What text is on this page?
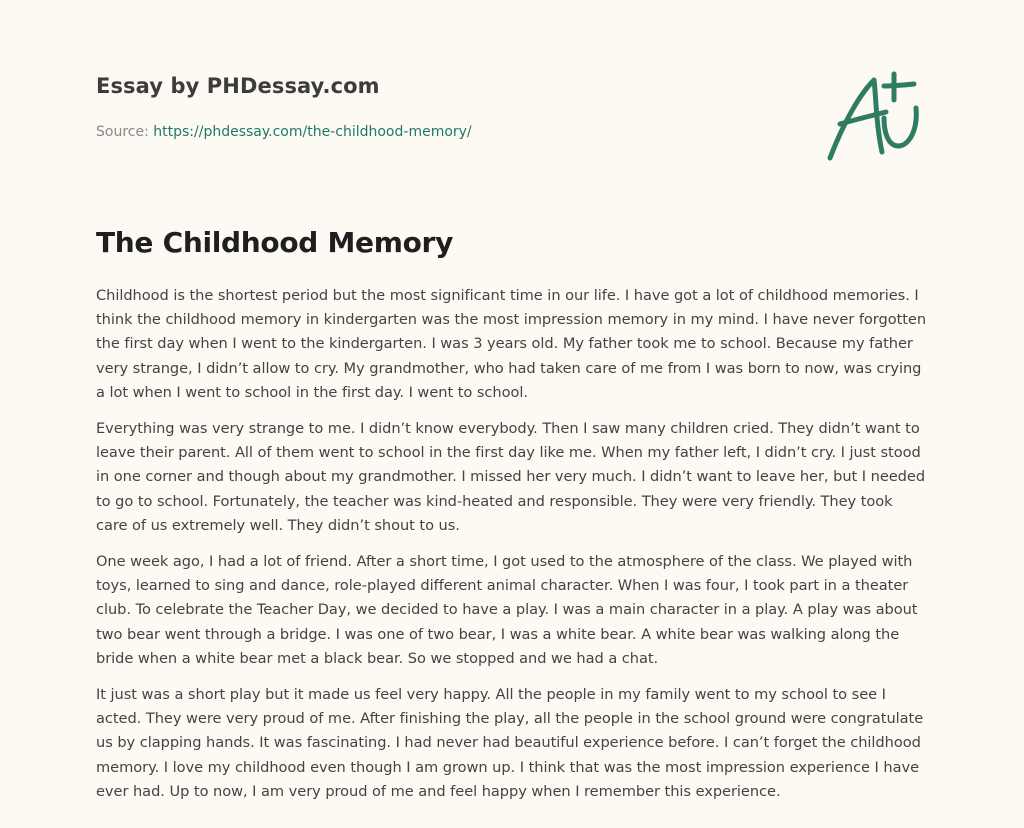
Essay by PHDessay.com

Source: https://phdessay.com/the-childhood-memory/

The Childhood Memory

Childhood is the shortest period but the most significant time in our life. I have got a lot of childhood memories. I think the childhood memory in kindergarten was the most impression memory in my mind. I have never forgotten the first day when I went to the kindergarten. I was 3 years old. My father took me to school. Because my father very strange, I didn’t allow to cry. My grandmother, who had taken care of me from I was born to now, was crying a lot when I went to school in the first day. I went to school.

Everything was very strange to me. I didn’t know everybody. Then I saw many children cried. They didn’t want to leave their parent. All of them went to school in the first day like me. When my father left, I didn’t cry. I just stood in one corner and though about my grandmother. I missed her very much. I didn’t want to leave her, but I needed to go to school. Fortunately, the teacher was kind-heated and responsible. They were very friendly. They took care of us extremely well. They didn’t shout to us.

One week ago, I had a lot of friend. After a short time, I got used to the atmosphere of the class. We played with toys, learned to sing and dance, role-played different animal character. When I was four, I took part in a theater club. To celebrate the Teacher Day, we decided to have a play. I was a main character in a play. A play was about two bear went through a bridge. I was one of two bear, I was a white bear. A white bear was walking along the bride when a white bear met a black bear. So we stopped and we had a chat.

It just was a short play but it made us feel very happy. All the people in my family went to my school to see I acted. They were very proud of me. After finishing the play, all the people in the school ground were congratulate us by clapping hands. It was fascinating. I had never had beautiful experience before. I can’t forget the childhood memory. I love my childhood even though I am grown up. I think that was the most impression experience I have ever had. Up to now, I am very proud of me and feel happy when I remember this experience.
